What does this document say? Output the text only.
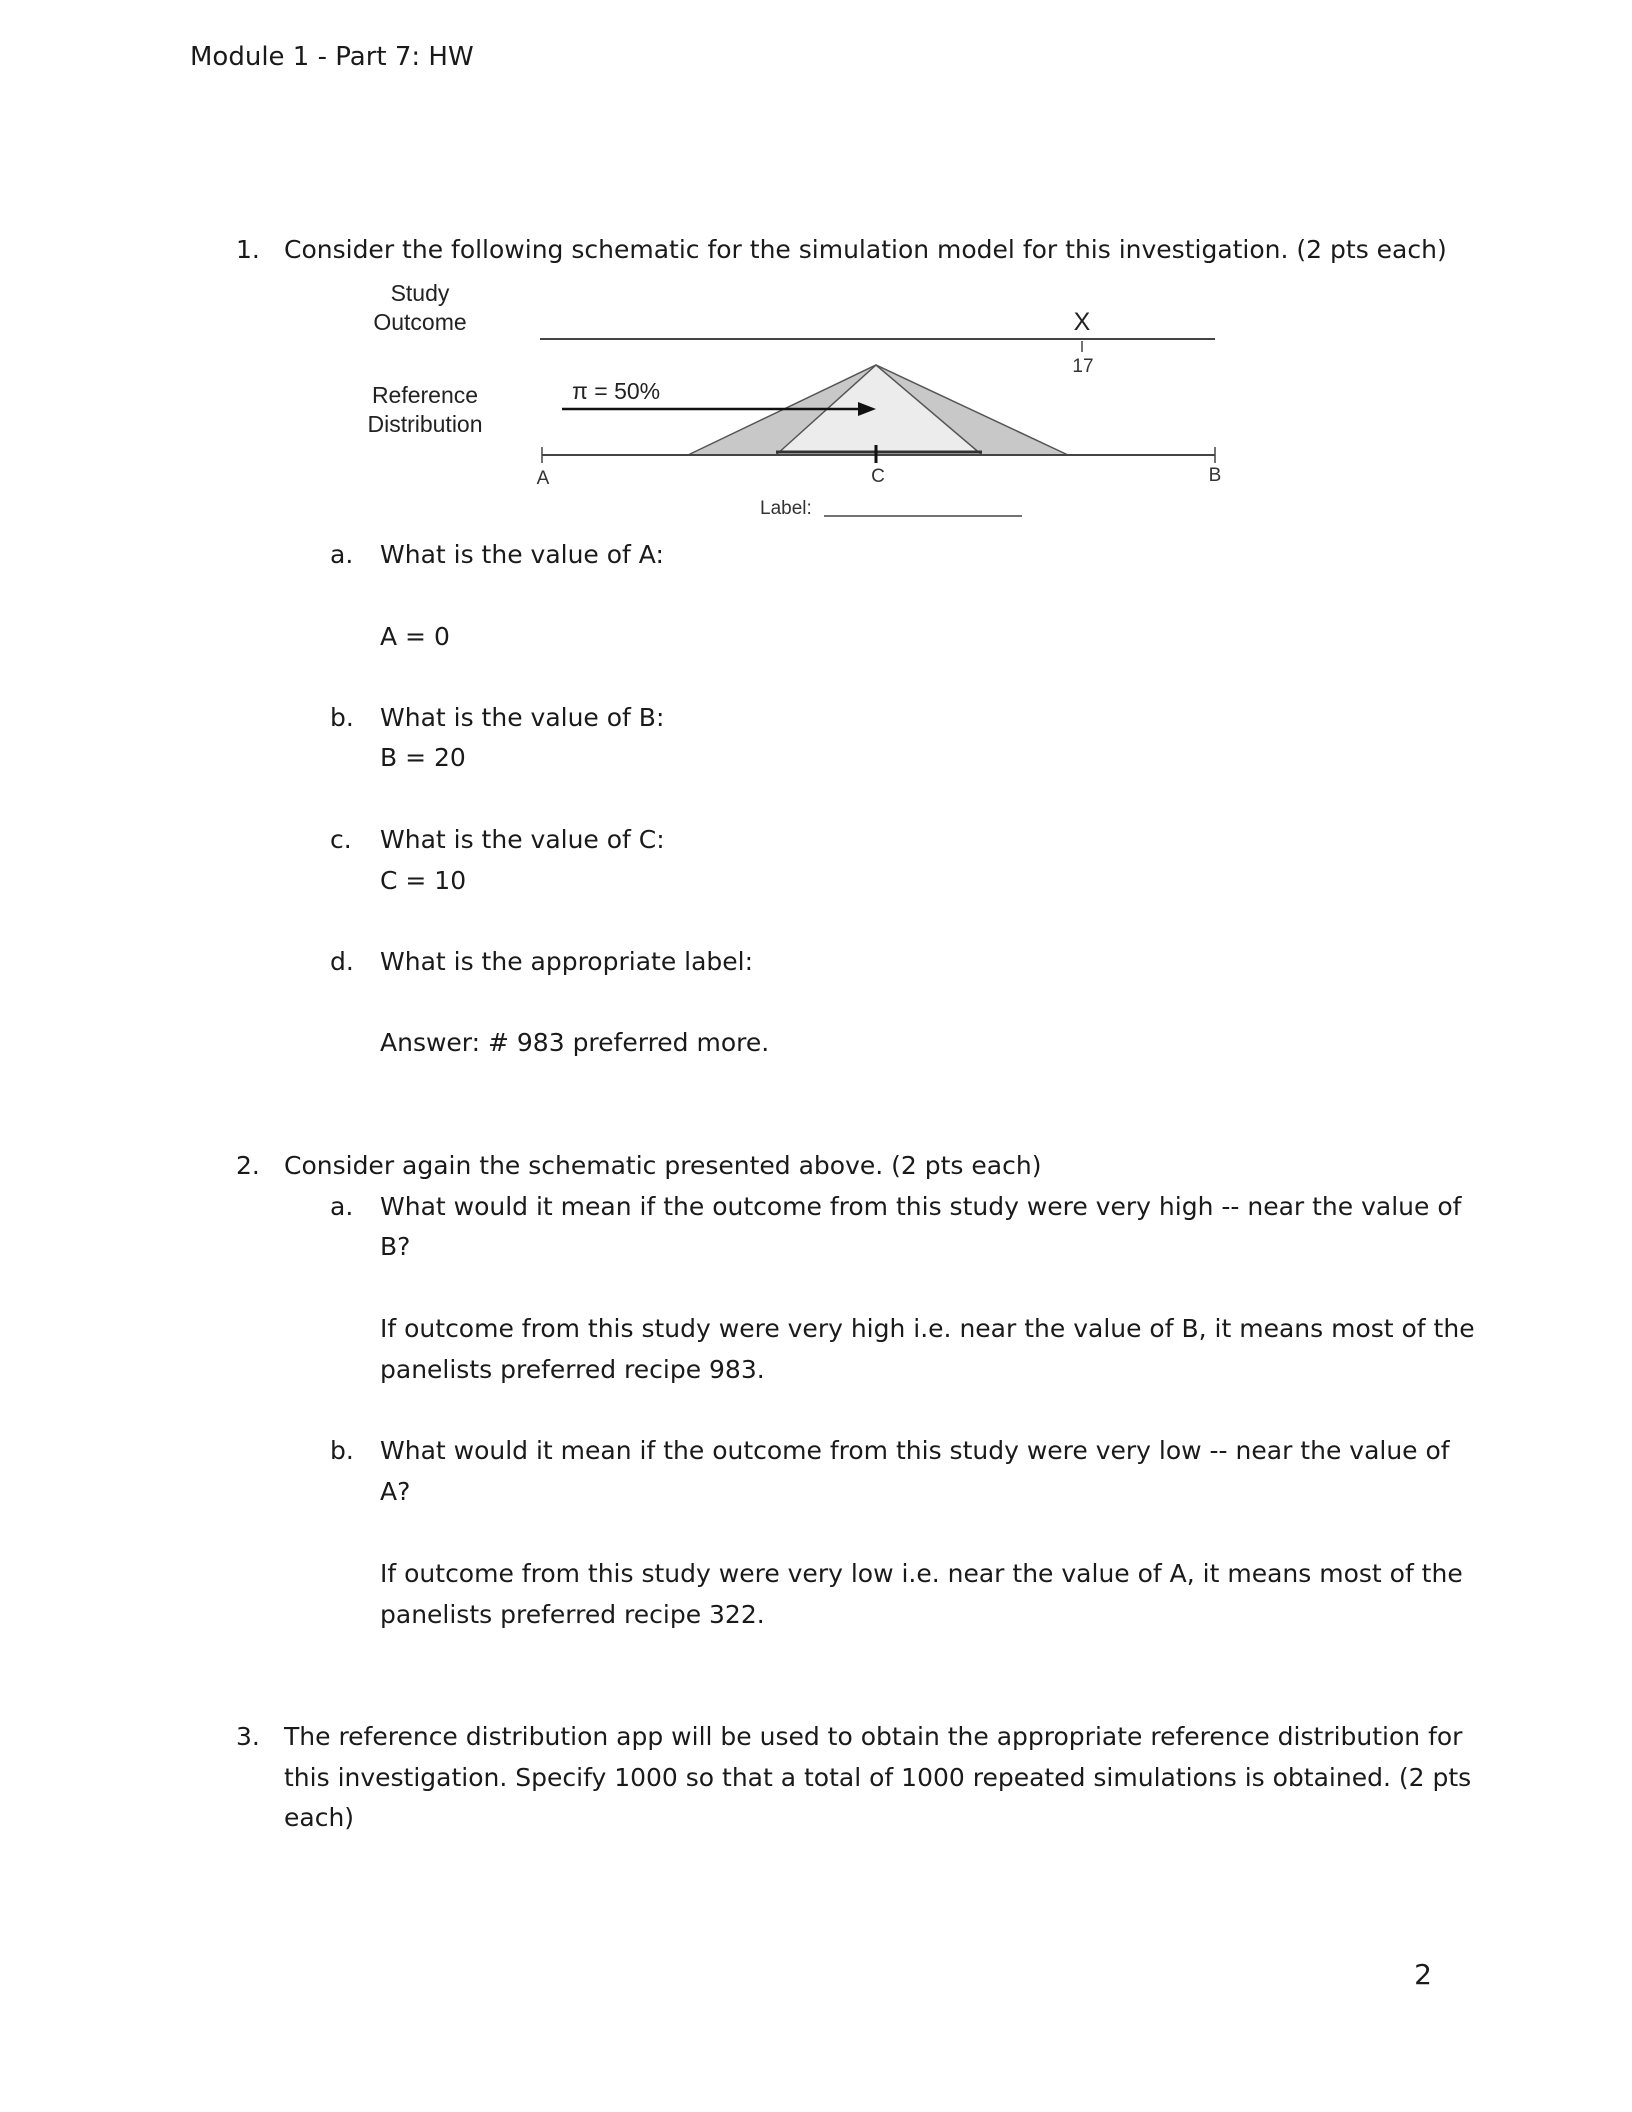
Module 1 - Part 7: HW
1. Consider the following schematic for the simulation model for this investigation. (2 pts each)
Study
Outcome
Reference
Distribution
X
17
π = 50%
A	C	B
Label:
a. What is the value of A:
A = 0
b. What is the value of B:
B = 20
c. What is the value of C:
C = 10
d. What is the appropriate label:
Answer: # 983 preferred more.
2. Consider again the schematic presented above. (2 pts each)
a. What would it mean if the outcome from this study were very high -- near the value of
B?
If outcome from this study were very high i.e. near the value of B, it means most of the
panelists preferred recipe 983.
b. What would it mean if the outcome from this study were very low -- near the value of
A?
If outcome from this study were very low i.e. near the value of A, it means most of the
panelists preferred recipe 322.
3. The reference distribution app will be used to obtain the appropriate reference distribution for
this investigation. Specify 1000 so that a total of 1000 repeated simulations is obtained. (2 pts
each)
2
